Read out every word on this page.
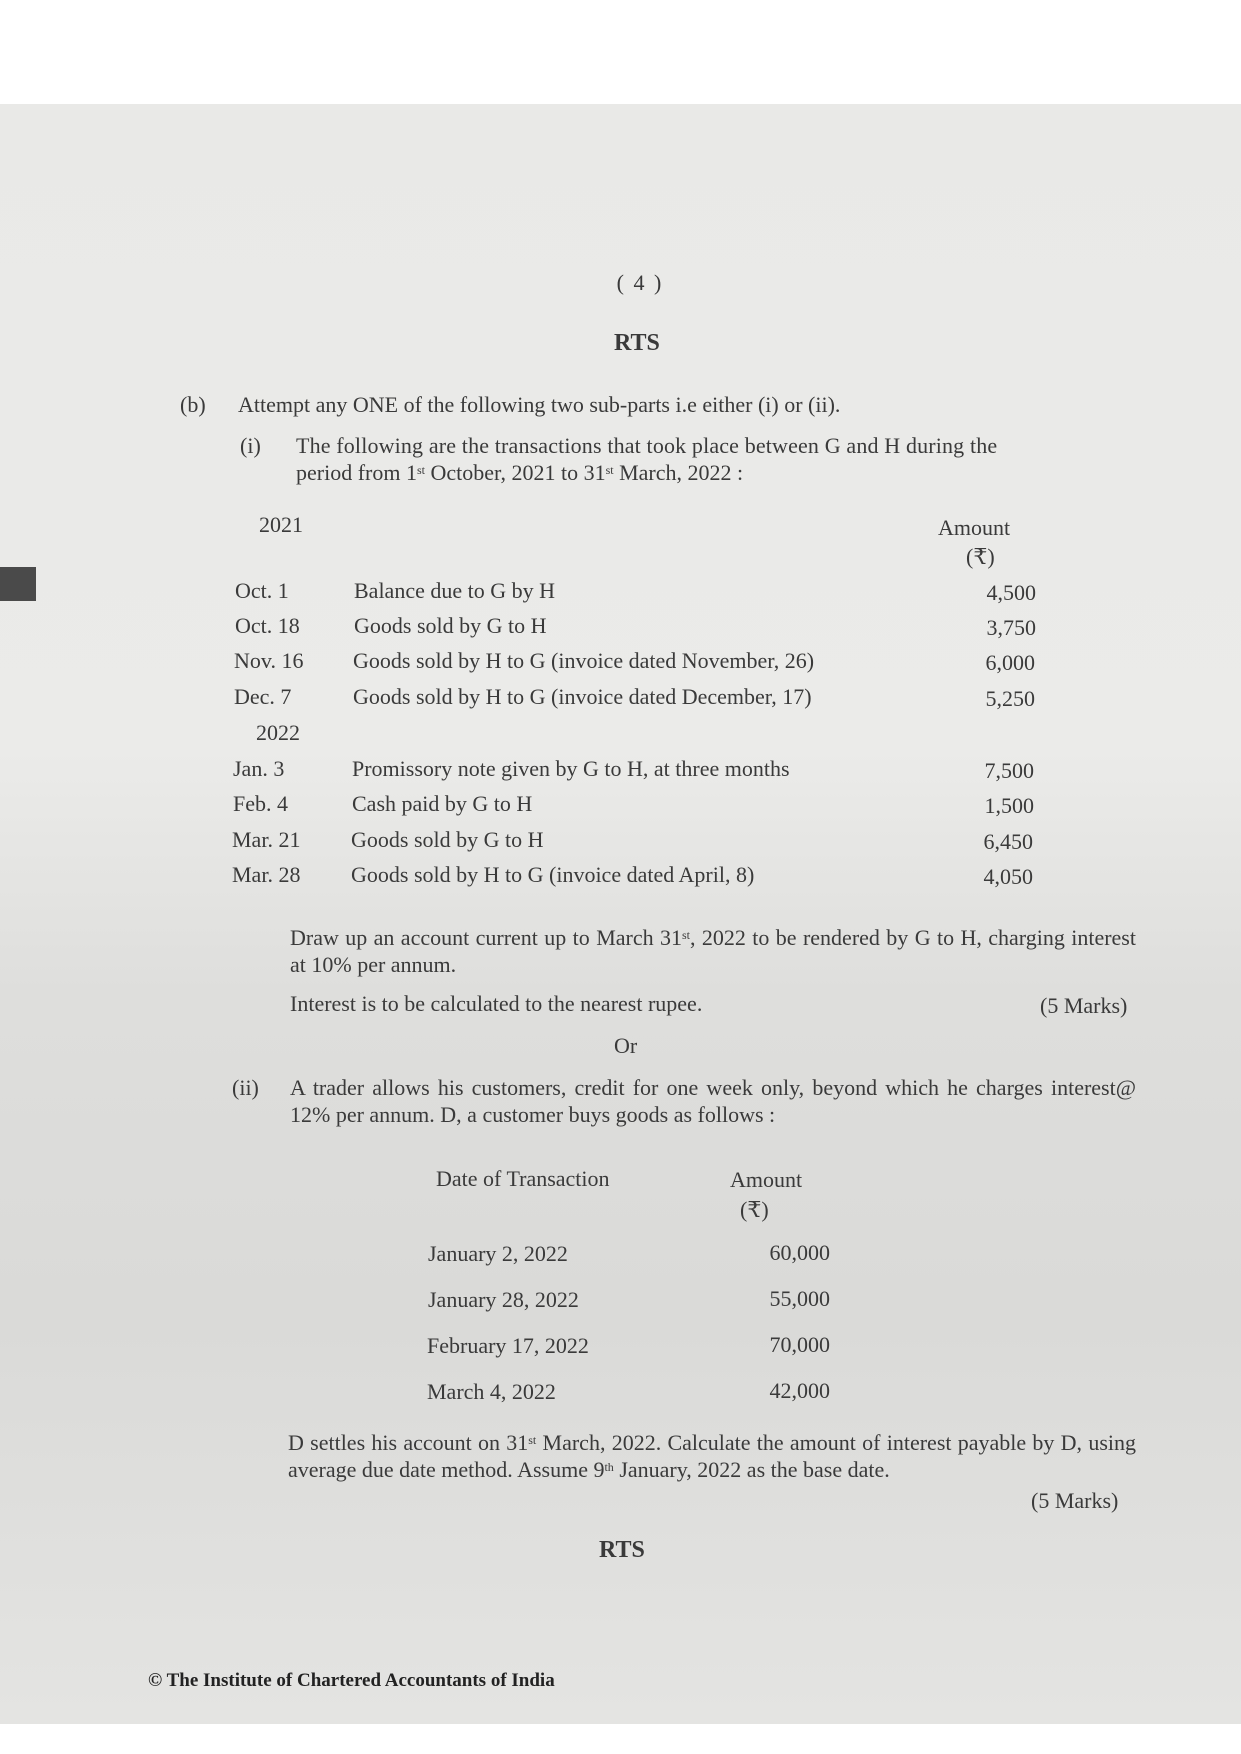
( 4 )
RTS
(b) Attempt any ONE of the following two sub-parts i.e either (i) or (ii).
(i) The following are the transactions that took place between G and H during the
period from 1st October, 2021 to 31st March, 2022 :
2021	Amount
(₹)
Oct. 1	Balance due to G by H	4,500
Oct. 18 Goods sold by G to H	3,750
Nov. 16 Goods sold by H to G (invoice dated November, 26)	6,000
Dec. 7	Goods sold by H to G (invoice dated December, 17)	5,250
2022
Jan. 3	Promissory note given by G to H, at three months	7,500
Feb. 4	Cash paid by G to H	1,500
Mar. 21 Goods sold by G to H	6,450
Mar. 28 Goods sold by H to G (invoice dated April, 8)	4,050
Draw up an account current up to March 31st, 2022 to be rendered by G to H, charging interest at 10% per annum.
Interest is to be calculated to the nearest rupee.	(5 Marks)
Or
(ii) A trader allows his customers, credit for one week only, beyond which he charges interest@ 12% per annum. D, a customer buys goods as follows :
Date of Transaction	Amount
(₹)
January 2, 2022	60,000
January 28, 2022	55,000
February 17, 2022	70,000
March 4, 2022	42,000
D settles his account on 31st March, 2022. Calculate the amount of interest payable by D, using average due date method. Assume 9th January, 2022 as the base date.
(5 Marks)
RTS
© The Institute of Chartered Accountants of India
